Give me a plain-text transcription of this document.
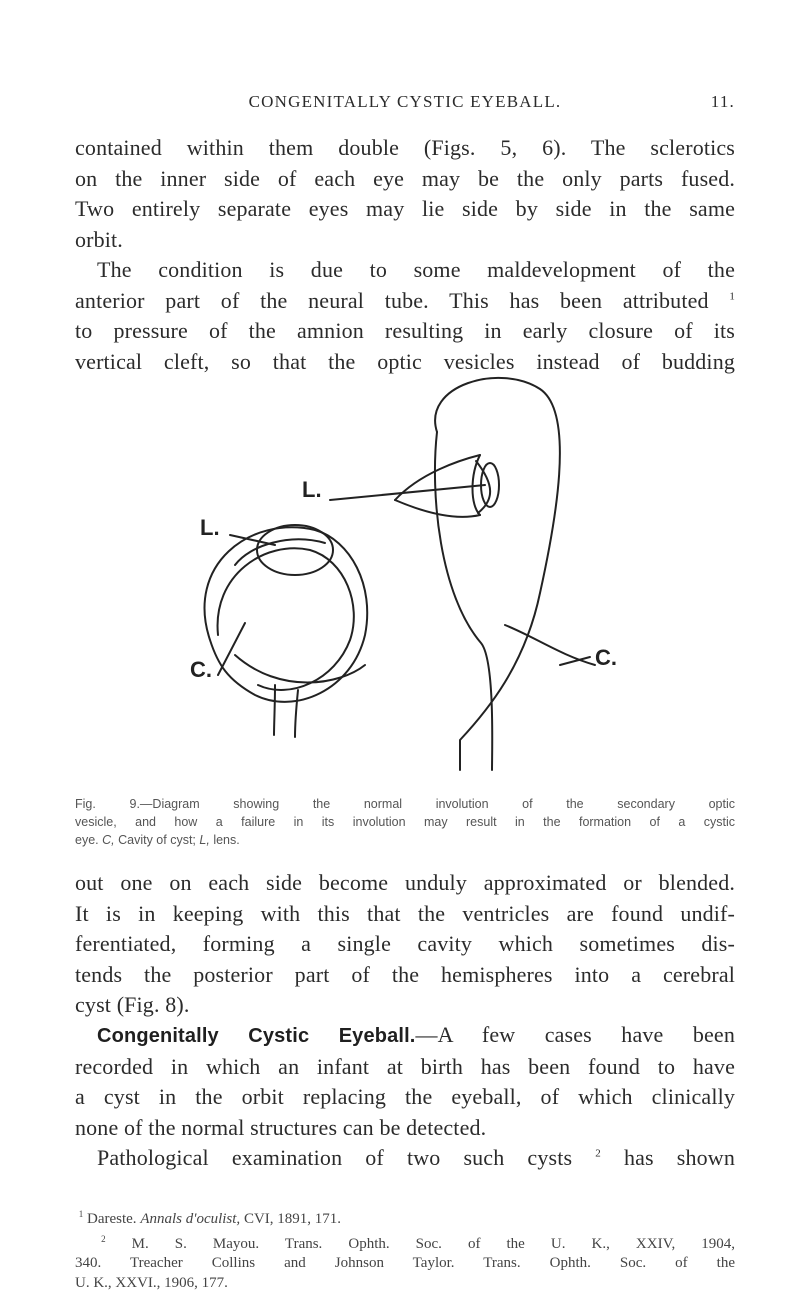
CONGENITALLY CYSTIC EYEBALL.	11.
contained within them double (Figs. 5, 6). The sclerotics
on the inner side of each eye may be the only parts fused.
Two entirely separate eyes may lie side by side in the same
orbit.
The condition is due to some maldevelopment of the
anterior part of the neural tube. This has been attributed $^1$
to pressure of the amnion resulting in early closure of its
vertical cleft, so that the optic vesicles instead of budding
L.
L.
C.	C.
Fig. 9.—Diagram showing the normal involution of the secondary optic
vesicle, and how a failure in its involution may result in the formation of a cystic
eye. C, Cavity of cyst; L, lens.
out one on each side become unduly approximated or blended.
It is in keeping with this that the ventricles are found undif-
ferentiated, forming a single cavity which sometimes dis-
tends the posterior part of the hemispheres into a cerebral
cyst (Fig. 8).
Congenitally Cystic Eyeball.—A few cases have been
recorded in which an infant at birth has been found to have
a cyst in the orbit replacing the eyeball, of which clinically
none of the normal structures can be detected.
Pathological examination of two such cysts $^2$ has shown
$^1$ Dareste. Annals d'oculist, CVI, 1891, 171.
$^2$ M. S. Mayou. Trans. Ophth. Soc. of the U. K., XXIV, 1904,
340. Treacher Collins and Johnson Taylor. Trans. Ophth. Soc. of the
U. K., XXVI., 1906, 177.
